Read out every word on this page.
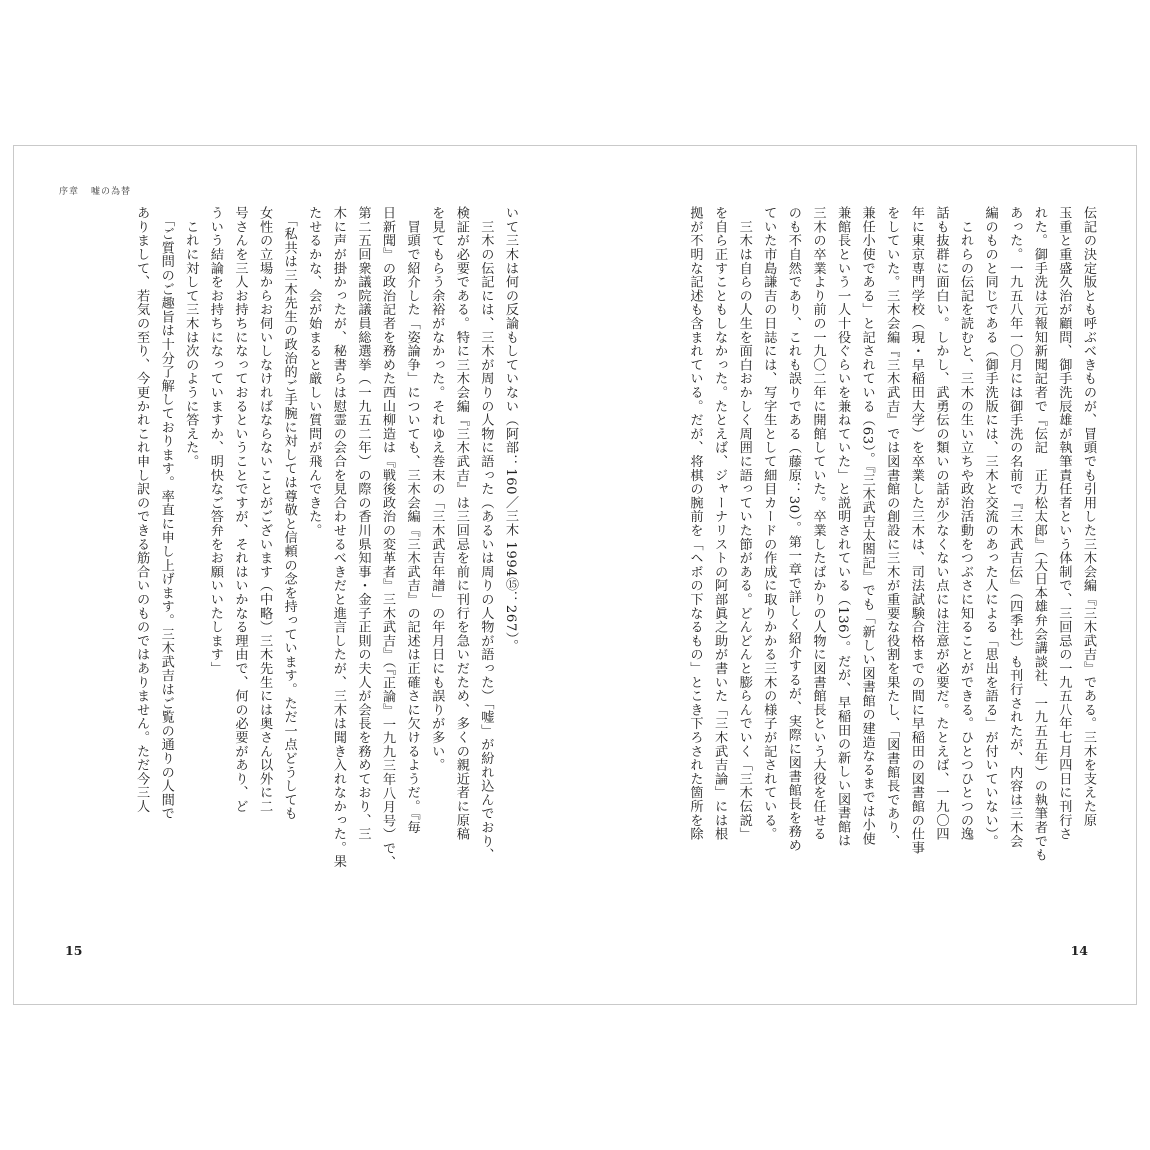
序章 嘘の為替
いて三木は何の反論もしていない（阿部：160／三木 1994⑮：267）。
　三木の伝記には、三木が周りの人物に語った（あるいは周りの人物が語った）「嘘」が紛れ込んでおり、
検証が必要である。特に三木会編『三木武吉』は三回忌を前に刊行を急いだため、多くの親近者に原稿
を見てもらう余裕がなかった。それゆえ巻末の「三木武吉年譜」の年月日にも誤りが多い。
　冒頭で紹介した「姿論争」についても、三木会編『三木武吉』の記述は正確さに欠けるようだ。『毎
日新聞』の政治記者を務めた西山柳造は『戦後政治の変革者』三木武吉』（『正論』一九九三年八月号）で、
第二五回衆議院議員総選挙（一九五二年）の際の香川県知事・金子正則の夫人が会長を務めており、三
木に声が掛かったが、秘書らは慰霊の会合を見合わせるべきだと進言したが、三木は聞き入れなかった。果
たせるかな、会が始まると厳しい質問が飛んできた。
　「私共は三木先生の政治的ご手腕に対しては尊敬と信頼の念を持っています。ただ一点どうしても
女性の立場からお伺いしなければならないことがございます（中略）三木先生には奥さん以外に二
号さんを三人お持ちになっておるということですが、それはいかなる理由で、何の必要があり、ど
ういう結論をお持ちになっていますか、明快なご答弁をお願いいたします」
　これに対して三木は次のように答えた。
　「ご質問のご趣旨は十分了解しております。率直に申し上げます。三木武吉はご覧の通りの人間で
ありまして、若気の至り、今更かれこれ申し訳のできる筋合いのものではありません。ただ今三人
15
伝記の決定版とも呼ぶべきものが、冒頭でも引用した三木会編『三木武吉』である。三木を支えた原
玉重と重盛久治が顧問、御手洗辰雄が執筆責任者という体制で、三回忌の一九五八年七月四日に刊行さ
れた。御手洗は元報知新聞記者で『伝記　正力松太郎』（大日本雄弁会講談社、一九五五年）の執筆者でも
あった。一九五八年一〇月には御手洗の名前で『三木武吉伝』（四季社）も刊行されたが、内容は三木会
編のものと同じである（御手洗版には、三木と交流のあった人による「思出を語る」が付いていない）。
　これらの伝記を読むと、三木の生い立ちや政治活動をつぶさに知ることができる。ひとつひとつの逸
話も抜群に面白い。しかし、武勇伝の類いの話が少なくない点には注意が必要だ。たとえば、一九〇四
年に東京専門学校（現・早稲田大学）を卒業した三木は、司法試験合格までの間に早稲田の図書館の仕事
をしていた。三木会編『三木武吉』では図書館の創設に三木が重要な役割を果たし、「図書館長であり、
兼任小使である」と記されている（63）。『三木武吉太閤記』でも「新しい図書館の建造なるまでは小使
兼館長という一人十役ぐらいを兼ねていた」と説明されている（136）。だが、早稲田の新しい図書館は
三木の卒業より前の一九〇二年に開館していた。卒業したばかりの人物に図書館長という大役を任せる
のも不自然であり、これも誤りである（藤原：30）。第一章で詳しく紹介するが、実際に図書館長を務め
ていた市島謙吉の日誌には、写字生として細目カードの作成に取りかかる三木の様子が記されている。
　三木は自らの人生を面白おかしく周囲に語っていた節がある。どんどんと膨らんでいく「三木伝説」
を自ら正すこともしなかった。たとえば、ジャーナリストの阿部眞之助が書いた「三木武吉論」には根
拠が不明な記述も含まれている。だが、将棋の腕前を「ヘボの下なるもの」とこき下ろされた箇所を除
14
